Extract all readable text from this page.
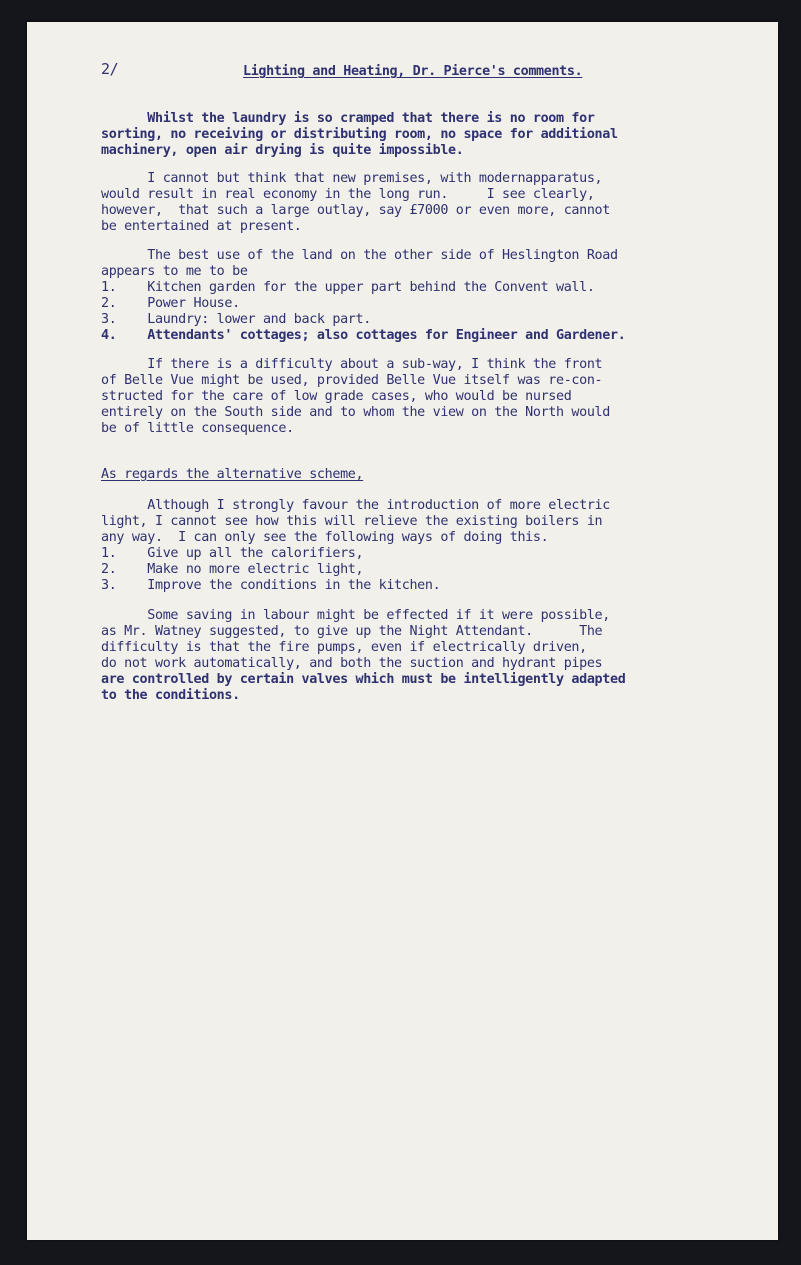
2/	Lighting and Heating, Dr. Pierce's comments.
Whilst the laundry is so cramped that there is no room for
sorting, no receiving or distributing room, no space for additional
machinery, open air drying is quite impossible.
I cannot but think that new premises, with modernapparatus,
would result in real economy in the long run.     I see clearly,
however,  that such a large outlay, say £7000 or even more, cannot
be entertained at present.
The best use of the land on the other side of Heslington Road
appears to me to be
1.    Kitchen garden for the upper part behind the Convent wall.
2.    Power House.
3.    Laundry: lower and back part.
4.    Attendants' cottages; also cottages for Engineer and Gardener.
If there is a difficulty about a sub-way, I think the front
of Belle Vue might be used, provided Belle Vue itself was re-con-
structed for the care of low grade cases, who would be nursed
entirely on the South side and to whom the view on the North would
be of little consequence.
As regards the alternative scheme,
Although I strongly favour the introduction of more electric
light, I cannot see how this will relieve the existing boilers in
any way.  I can only see the following ways of doing this.
1.    Give up all the calorifiers,
2.    Make no more electric light,
3.    Improve the conditions in the kitchen.
Some saving in labour might be effected if it were possible,
as Mr. Watney suggested, to give up the Night Attendant.      The
difficulty is that the fire pumps, even if electrically driven,
do not work automatically, and both the suction and hydrant pipes
are controlled by certain valves which must be intelligently adapted
to the conditions.
